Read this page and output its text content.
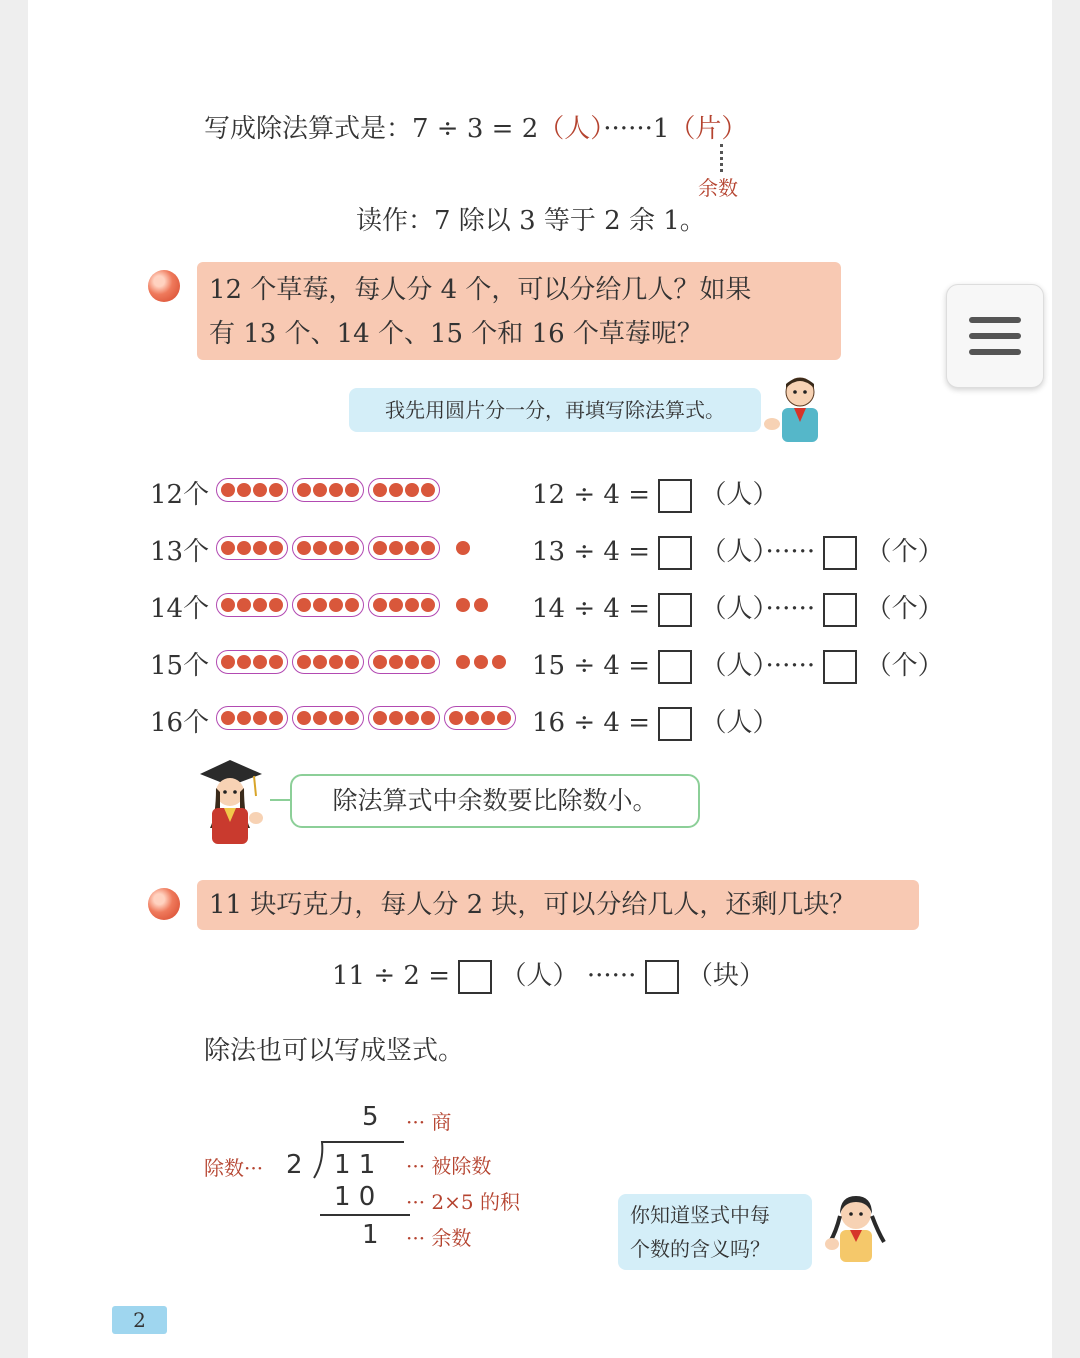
写成除法算式是：7 ÷ 3 = 2（人）······1（片）
余数
读作：7 除以 3 等于 2 余 1。
12 个草莓，每人分 4 个，可以分给几人？如果
有 13 个、14 个、15 个和 16 个草莓呢？
我先用圆片分一分，再填写除法算式。
12个	12 ÷ 4 = （人）
13个	13 ÷ 4 = （人）······ （个）
14个	14 ÷ 4 = （人）······ （个）
15个	15 ÷ 4 = （人）······ （个）
16个	16 ÷ 4 = （人）
除法算式中余数要比除数小。
11 块巧克力，每人分 2 块，可以分给几人，还剩几块？
11 ÷ 2 = （人） ······ （块）
除法也可以写成竖式。
5 ··· 商
除数··· 2 1 1 ··· 被除数
1 0 ··· 2×5 的积
1 ··· 余数
你知道竖式中每
个数的含义吗？
2
